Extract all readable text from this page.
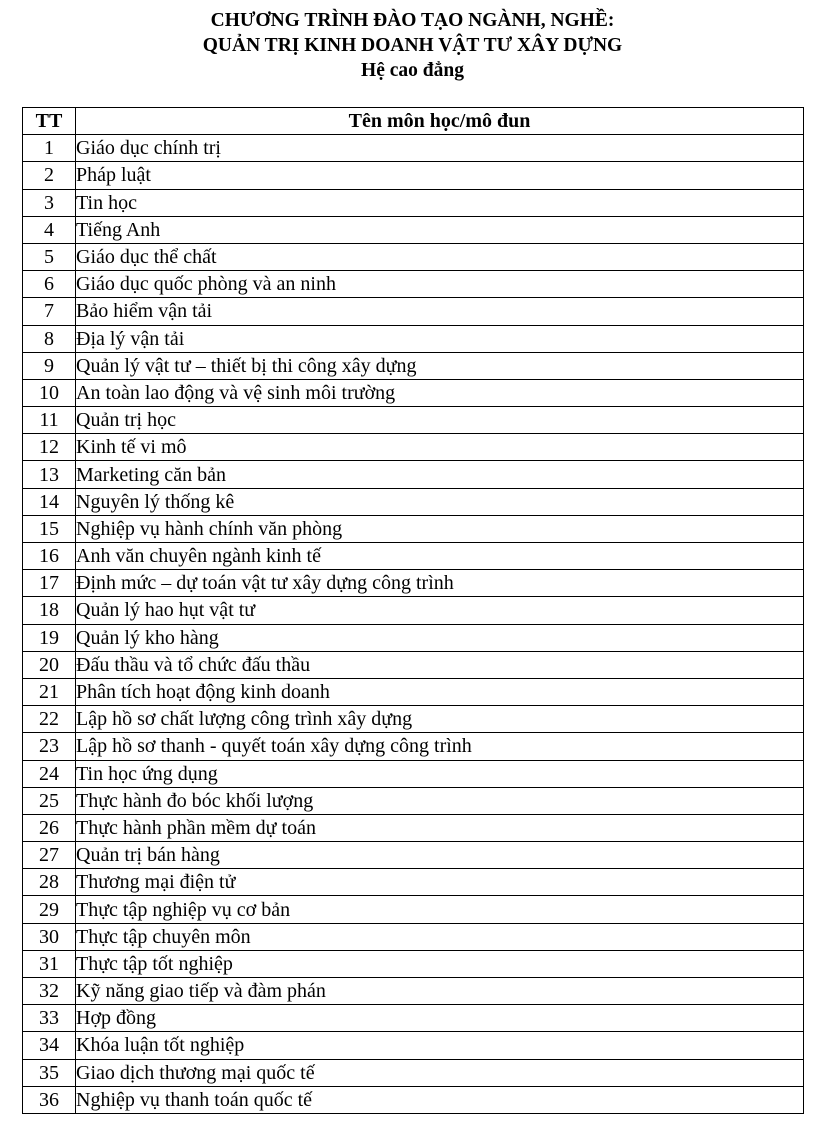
CHƯƠNG TRÌNH ĐÀO TẠO NGÀNH, NGHỀ:
QUẢN TRỊ KINH DOANH VẬT TƯ XÂY DỰNG
Hệ cao đẳng
TT	Tên môn học/mô đun
1	Giáo dục chính trị
2	Pháp luật
3	Tin học
4	Tiếng Anh
5	Giáo dục thể chất
6	Giáo dục quốc phòng và an ninh
7	Bảo hiểm vận tải
8	Địa lý vận tải
9	Quản lý vật tư – thiết bị thi công xây dựng
10	An toàn lao động và vệ sinh môi trường
11	Quản trị học
12	Kinh tế vi mô
13	Marketing căn bản
14	Nguyên lý thống kê
15	Nghiệp vụ hành chính văn phòng
16	Anh văn chuyên ngành kinh tế
17	Định mức – dự toán vật tư xây dựng công trình
18	Quản lý hao hụt vật tư
19	Quản lý kho hàng
20	Đấu thầu và tổ chức đấu thầu
21	Phân tích hoạt động kinh doanh
22	Lập hồ sơ chất lượng công trình xây dựng
23	Lập hồ sơ thanh - quyết toán xây dựng công trình
24	Tin học ứng dụng
25	Thực hành đo bóc khối lượng
26	Thực hành phần mềm dự toán
27	Quản trị bán hàng
28	Thương mại điện tử
29	Thực tập nghiệp vụ cơ bản
30	Thực tập chuyên môn
31	Thực tập tốt nghiệp
32	Kỹ năng giao tiếp và đàm phán
33	Hợp đồng
34	Khóa luận tốt nghiệp
35	Giao dịch thương mại quốc tế
36	Nghiệp vụ thanh toán quốc tế
